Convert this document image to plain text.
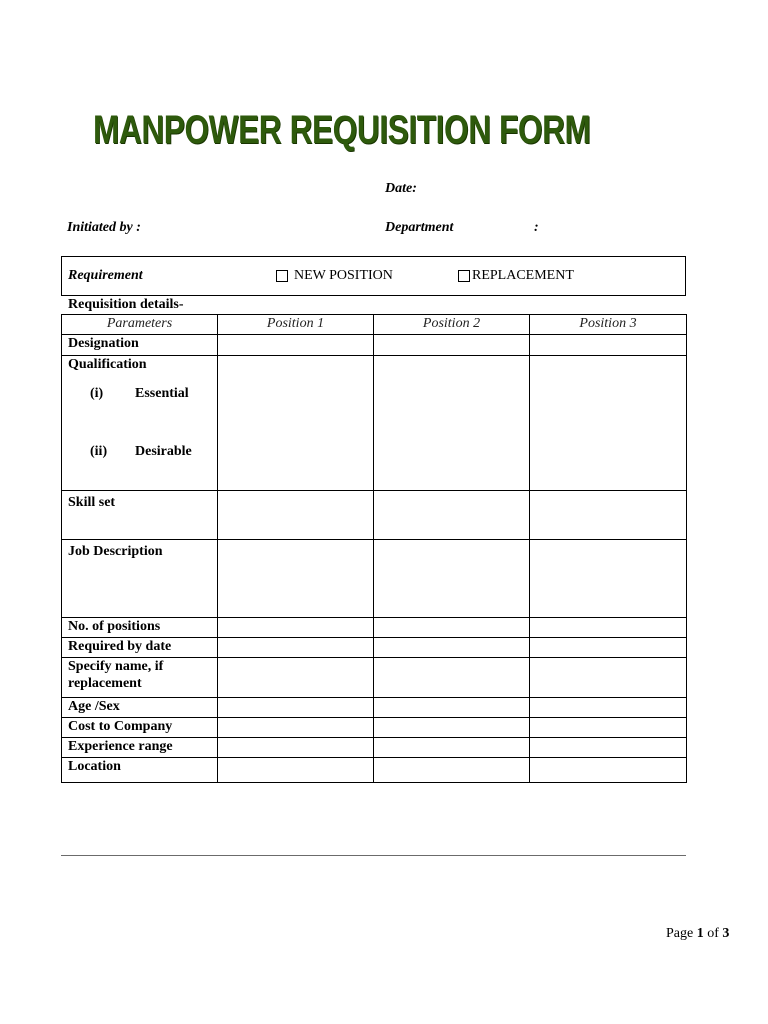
MANPOWER REQUISITION FORM
Date:
Initiated by :	Department	:
Requirement	NEW POSITION	REPLACEMENT
Requisition details-
Parameters	Position 1	Position 2	Position 3
Designation			

Qualification
(i) Essential
(ii) Desirable			

Skill set			
Job Description			
No. of positions			
Required by date			
Specify name, if replacement			
Age /Sex			
Cost to Company			
Experience range			
Location			
Page 1 of 3
